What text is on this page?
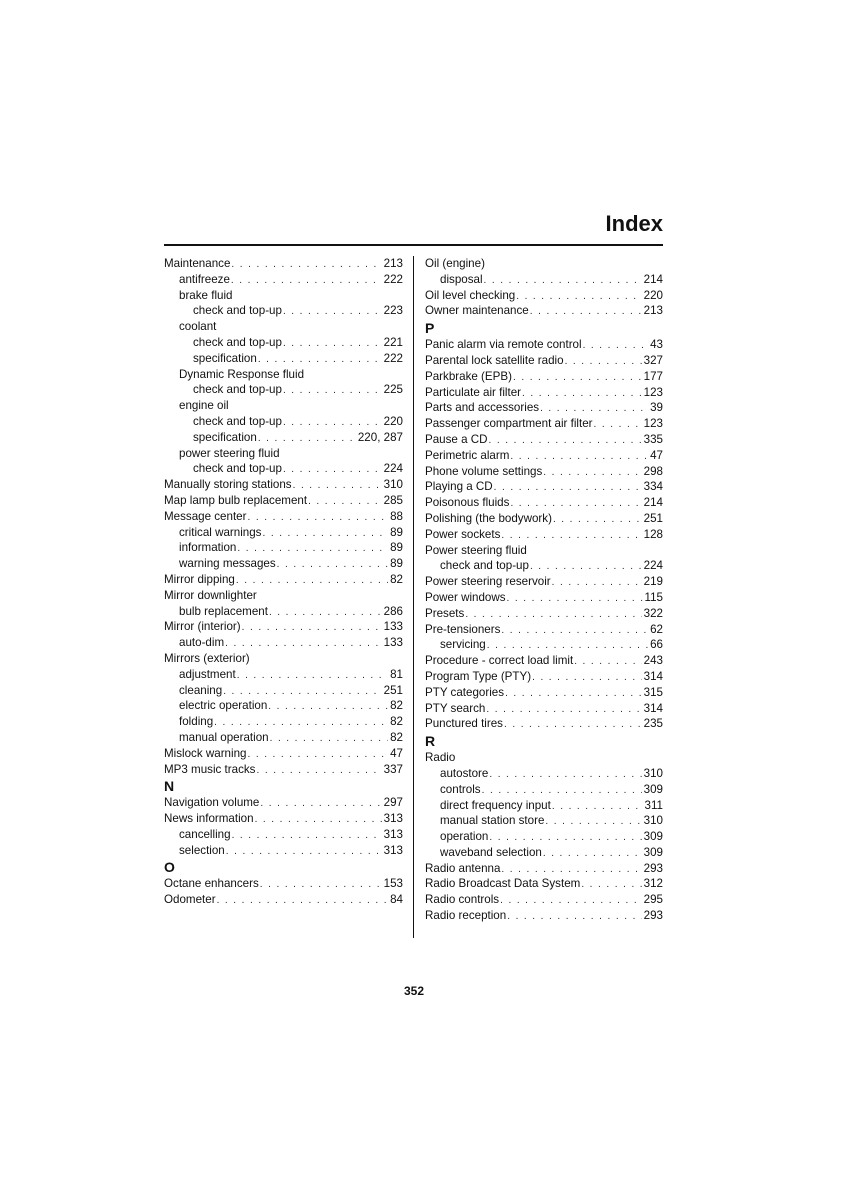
Index
Maintenance . . .	213
antifreeze . . .	222
brake fluid
check and top-up . . .	223
coolant
check and top-up . . .	221
specification . . .	222
Dynamic Response fluid
check and top-up . . .	225
engine oil
check and top-up . . .	220
specification . . .	220, 287
power steering fluid
check and top-up . . .	224
Manually storing stations . . .	310
Map lamp bulb replacement . . .	285
Message center . . .	88
critical warnings . . .	89
information . . .	89
warning messages . . .	89
Mirror dipping . . .	82
Mirror downlighter
bulb replacement . . .	286
Mirror (interior) . . .	133
auto-dim . . .	133
Mirrors (exterior)
adjustment . . .	81
cleaning . . .	251
electric operation . . .	82
folding . . .	82
manual operation . . .	82
Mislock warning . . .	47
MP3 music tracks . . .	337
N
Navigation volume . . .	297
News information . . .	313
cancelling . . .	313
selection . . .	313
O
Octane enhancers . . .	153
Odometer . . .	84
Oil (engine)
disposal . . .	214
Oil level checking . . .	220
Owner maintenance . . .	213
P
Panic alarm via remote control . . .	43
Parental lock satellite radio . . .	327
Parkbrake (EPB) . . .	177
Particulate air filter . . .	123
Parts and accessories . . .	39
Passenger compartment air filter . . .	123
Pause a CD . . .	335
Perimetric alarm . . .	47
Phone volume settings . . .	298
Playing a CD . . .	334
Poisonous fluids . . .	214
Polishing (the bodywork) . . .	251
Power sockets . . .	128
Power steering fluid
check and top-up . . .	224
Power steering reservoir . . .	219
Power windows . . .	115
Presets . . .	322
Pre-tensioners . . .	62
servicing . . .	66
Procedure - correct load limit . . .	243
Program Type (PTY) . . .	314
PTY categories . . .	315
PTY search . . .	314
Punctured tires . . .	235
R
Radio
autostore . . .	310
controls . . .	309
direct frequency input . . .	311
manual station store . . .	310
operation . . .	309
waveband selection . . .	309
Radio antenna . . .	293
Radio Broadcast Data System . . .	312
Radio controls . . .	295
Radio reception . . .	293
352
